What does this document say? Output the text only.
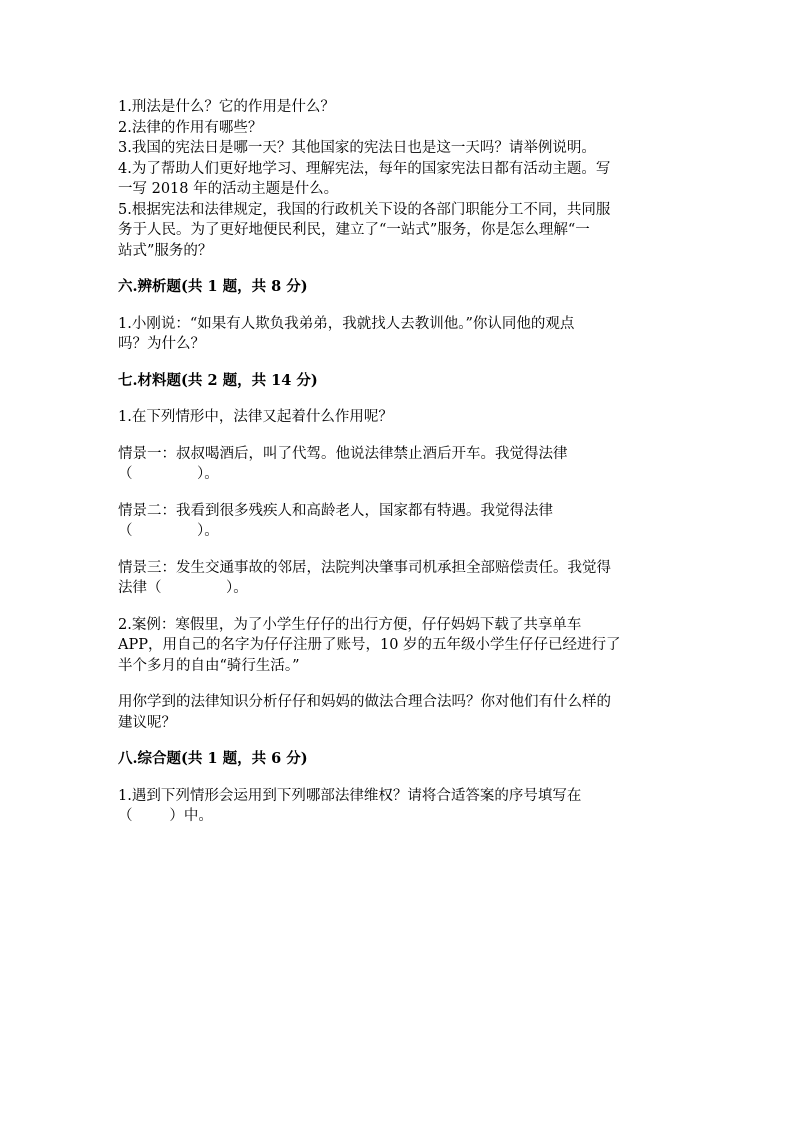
1.刑法是什么？它的作用是什么？
2.法律的作用有哪些？
3.我国的宪法日是哪一天？其他国家的宪法日也是这一天吗？请举例说明。
4.为了帮助人们更好地学习、理解宪法，每年的国家宪法日都有活动主题。写
一写 2018 年的活动主题是什么。
5.根据宪法和法律规定，我国的行政机关下设的各部门职能分工不同，共同服
务于人民。为了更好地便民利民，建立了“一站式”服务，你是怎么理解“一
站式”服务的？
六.辨析题(共 1 题，共 8 分)
1.小刚说：“如果有人欺负我弟弟，我就找人去教训他。”你认同他的观点
吗？为什么？
七.材料题(共 2 题，共 14 分)
1.在下列情形中，法律又起着什么作用呢？
情景一：叔叔喝酒后，叫了代驾。他说法律禁止酒后开车。我觉得法律
（              ）。
情景二：我看到很多残疾人和高龄老人，国家都有特遇。我觉得法律
（              ）。
情景三：发生交通事故的邻居，法院判决肇事司机承担全部赔偿责任。我觉得
法律（              ）。
2.案例：寒假里，为了小学生仔仔的出行方便，仔仔妈妈下载了共享单车
APP，用自己的名字为仔仔注册了账号，10 岁的五年级小学生仔仔已经进行了
半个多月的自由“骑行生活。”
用你学到的法律知识分析仔仔和妈妈的做法合理合法吗？你对他们有什么样的
建议呢？
八.综合题(共 1 题，共 6 分)
1.遇到下列情形会运用到下列哪部法律维权？请将合适答案的序号填写在
（        ）中。
